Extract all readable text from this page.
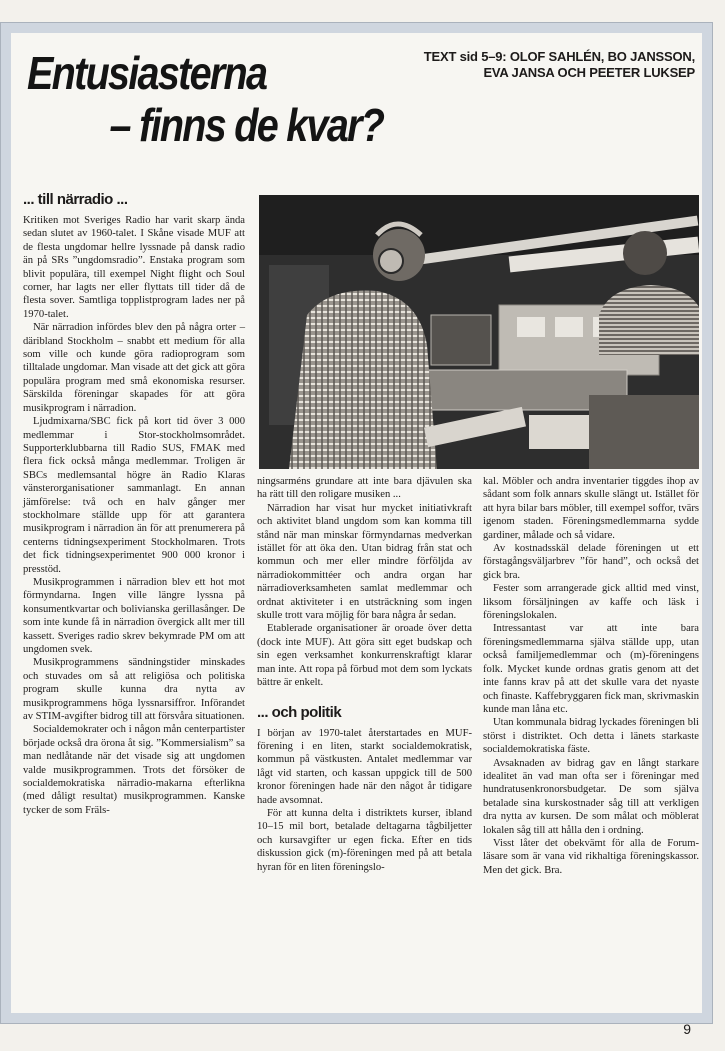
Entusiasterna
– finns de kvar?
TEXT sid 5–9: OLOF SAHLÉN, BO JANSSON,
EVA JANSA OCH PEETER LUKSEP
... till närradio ...

Kritiken mot Sveriges Radio har varit skarp ända sedan slutet av 1960-talet. I Skåne visade MUF att de flesta ungdomar hellre lyssnade på dansk radio än på SRs ”ungdomsradio”. Enstaka program som blivit populära, till exempel Night flight och Soul corner, har lagts ner eller flyttats till tider då de flesta sover. Samtliga topplistprogram lades ner på 1970-talet.

När närradion infördes blev den på några orter – däribland Stockholm – snabbt ett medium för alla som ville och kunde göra radioprogram som tilltalade ungdomar. Man visade att det gick att göra populära program med små ekonomiska resurser. Särskilda föreningar skapades för att göra musikprogram i närradion.

Ljudmixarna/SBC fick på kort tid över 3 000 medlemmar i Stor-stockholmsområdet. Supporterklubbarna till Radio SUS, FMAK med flera fick också många medlemmar. Troligen är SBCs medlemsantal högre än Radio Klaras vänsterorganisationer sammanlagt. En annan jämförelse: två och en halv gånger mer stockholmare ställde upp för att garantera musikprogram i närradion än för att prenumerera på centerns tidningsexperiment Stockholmaren. Trots det fick tidningsexperimentet 900 000 kronor i presstöd.

Musikprogrammen i närradion blev ett hot mot förmyndarna. Ingen ville längre lyssna på konsumentkvartar och bolivianska gerillasånger. De som inte kunde få in närradion övergick allt mer till kassett. Sveriges radio skrev bekymrade PM om att ungdomen svek.

Musikprogrammens sändningstider minskades och stuvades om så att religiösa och politiska program skulle kunna dra nytta av musikprogrammens höga lyssnarsiffror. Införandet av STIM-avgifter bidrog till att försvåra situationen.

Socialdemokrater och i någon mån centerpartister började också dra öronа åt sig. ”Kommersialism” sa man nedlåtande när det visade sig att ungdomen valde musikprogrammen. Trots det försöker de socialdemokratiska närradio-makarna efterlikna (med dåligt resultat) musikprogrammen. Kanske tycker de som Fräls-

ningsarméns grundare att inte bara djävulen ska ha rätt till den roligare musiken ...

Närradion har visat hur mycket initiativkraft och aktivitet bland ungdom som kan komma till stånd när man minskar förmyndarnas medverkan istället för att öka den. Utan bidrag från stat och kommun och mer eller mindre förföljda av närradiokommittéer och andra organ har närradioverksamheten samlat medlemmar och ordnat aktiviteter i en utsträckning som ingen skulle trott vara möjlig för bara några år sedan.

Etablerade organisationer är oroade över detta (dock inte MUF). Att göra sitt eget budskap och sin egen verksamhet konkurrenskraftigt klarar man inte. Att ropa på förbud mot dem som lyckats bättre är enkelt.

... och politik

I början av 1970-talet återstartades en MUF-förening i en liten, starkt socialdemokratisk, kommun på västkusten. Antalet medlemmar var lågt vid starten, och kassan uppgick till de 500 kronor föreningen hade när den något år tidigare hade avsomnat.

För att kunna delta i distriktets kurser, ibland 10–15 mil bort, betalade deltagarna tågbiljetter och kursavgifter ur egen ficka. Efter en tids diskussion gick (m)-föreningen med på att betala hyran för en liten föreningslo-

kal. Möbler och andra inventarier tiggdes ihop av sådant som folk annars skulle slängt ut. Istället för att hyra bilar bars möbler, till exempel soffor, tvärs igenom staden. Föreningsmedlemmarna sydde gardiner, målade och så vidare.

Av kostnadsskäl delade föreningen ut ett förstagångsväljarbrev ”för hand”, och också det gick bra.

Fester som arrangerade gick alltid med vinst, liksom försäljningen av kaffe och läsk i föreningslokalen.

Intressantast var att inte bara föreningsmedlemmarna själva ställde upp, utan också familjemedlemmar och (m)-föreningens folk. Mycket kunde ordnas gratis genom att det inte fanns krav på att det skulle vara det nyaste och finaste. Kaffebryggaren fick man, skrivmaskin kunde man låna etc.

Utan kommunala bidrag lyckades föreningen bli störst i distriktet. Och detta i länets starkaste socialdemokratiska fäste.

Avsaknaden av bidrag gav en långt starkare idealitet än vad man ofta ser i föreningar med hundratusenkronorsbudgetar. De som själva betalade sina kurskostnader såg till att verkligen dra nytta av kursen. De som målat och möblerat lokalen såg till att hålla den i ordning.

Visst låter det obekvämt för alla de Forum-läsare som är vana vid rikhaltiga föreningskassor. Men det gick. Bra.

9
